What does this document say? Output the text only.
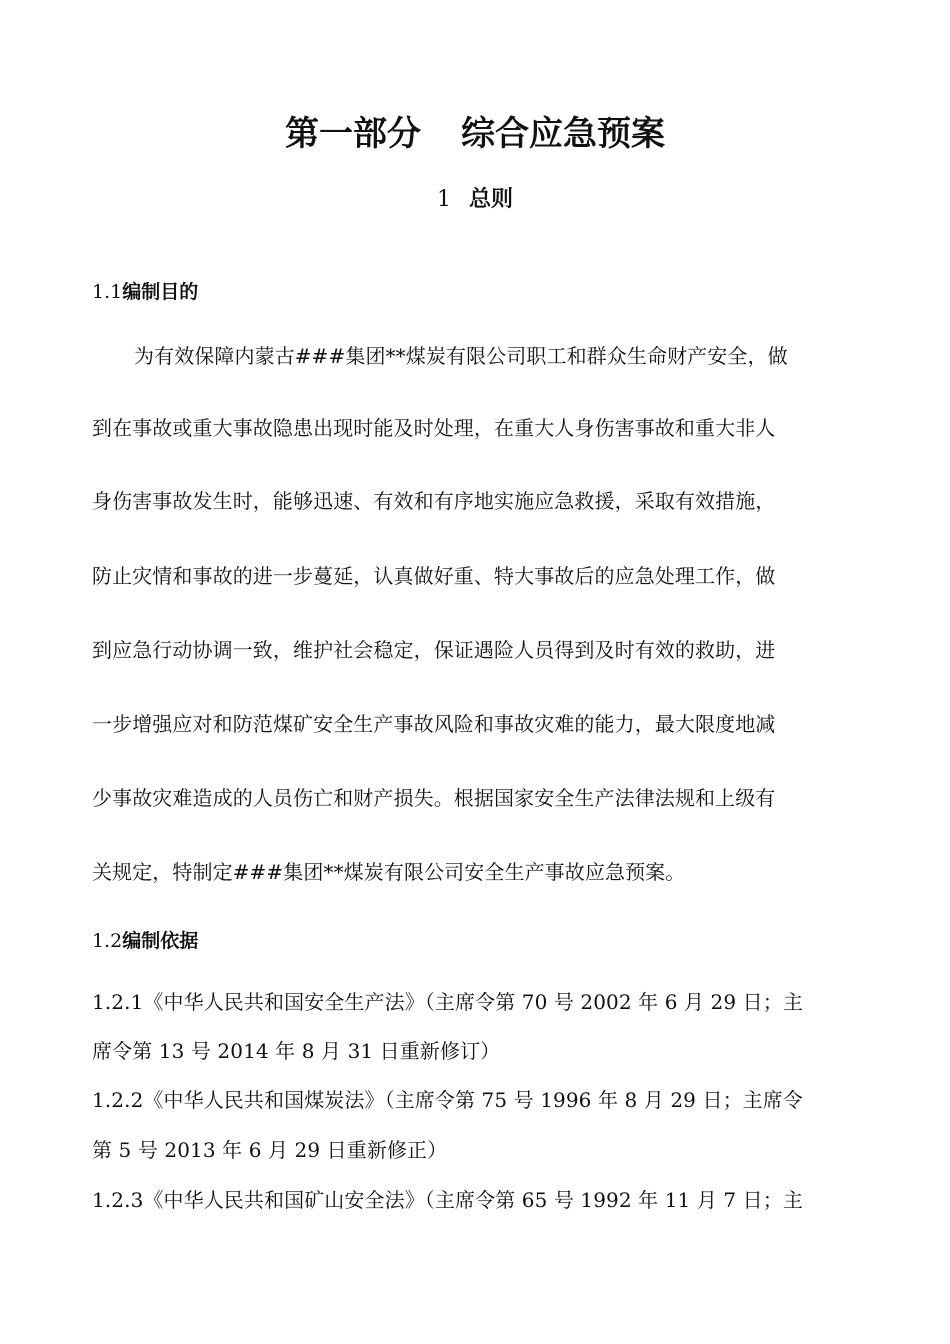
第一部分 综合应急预案
1 总则
1.1编制目的
为有效保障内蒙古###集团**煤炭有限公司职工和群众生命财产安全，做
到在事故或重大事故隐患出现时能及时处理，在重大人身伤害事故和重大非人
身伤害事故发生时，能够迅速、有效和有序地实施应急救援，采取有效措施，
防止灾情和事故的进一步蔓延，认真做好重、特大事故后的应急处理工作，做
到应急行动协调一致，维护社会稳定，保证遇险人员得到及时有效的救助，进
一步增强应对和防范煤矿安全生产事故风险和事故灾难的能力，最大限度地减
少事故灾难造成的人员伤亡和财产损失。根据国家安全生产法律法规和上级有
关规定，特制定###集团**煤炭有限公司安全生产事故应急预案。
1.2编制依据
1.2.1《中华人民共和国安全生产法》（主席令第 70 号 2002 年 6 月 29 日；主
席令第 13 号 2014 年 8 月 31 日重新修订）
1.2.2《中华人民共和国煤炭法》（主席令第 75 号 1996 年 8 月 29 日；主席令
第 5 号 2013 年 6 月 29 日重新修正）
1.2.3《中华人民共和国矿山安全法》（主席令第 65 号 1992 年 11 月 7 日；主
